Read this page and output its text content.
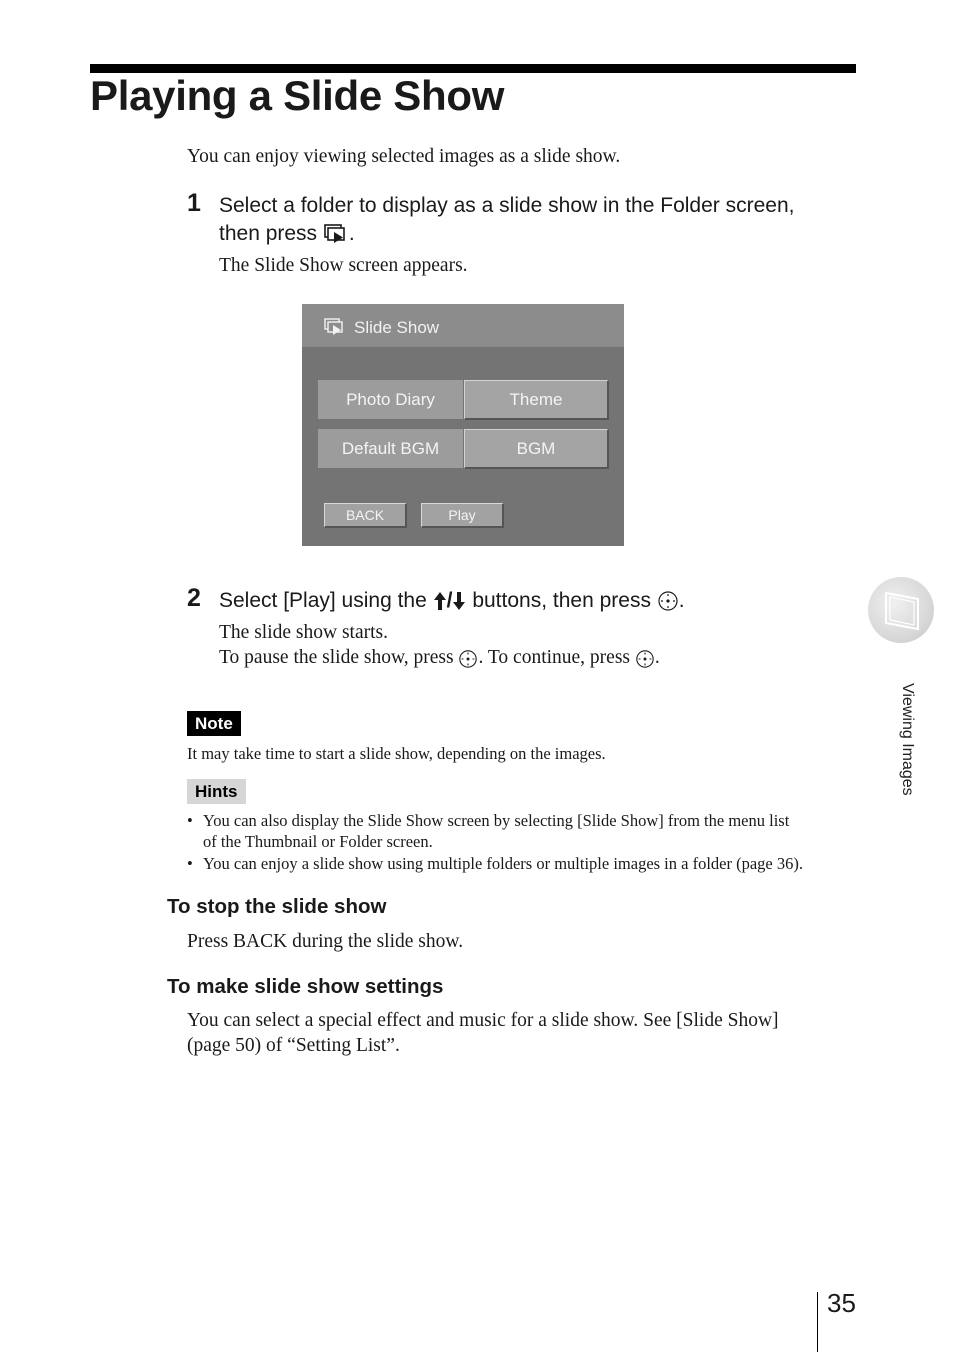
Playing a Slide Show
You can enjoy viewing selected images as a slide show.
1 Select a folder to display as a slide show in the Folder screen,
then press .
The Slide Show screen appears.
Slide Show
Photo Diary	Theme
Default BGM	BGM
BACK	Play
2 Select [Play] using the / buttons, then press .
The slide show starts.
To pause the slide show, press . To continue, press .
Note
It may take time to start a slide show, depending on the images.
Hints
• You can also display the Slide Show screen by selecting [Slide Show] from the menu list
of the Thumbnail or Folder screen.
• You can enjoy a slide show using multiple folders or multiple images in a folder (page 36).
To stop the slide show
Press BACK during the slide show.
To make slide show settings
You can select a special effect and music for a slide show. See [Slide Show]
(page 50) of “Setting List”.
Viewing Images
35
